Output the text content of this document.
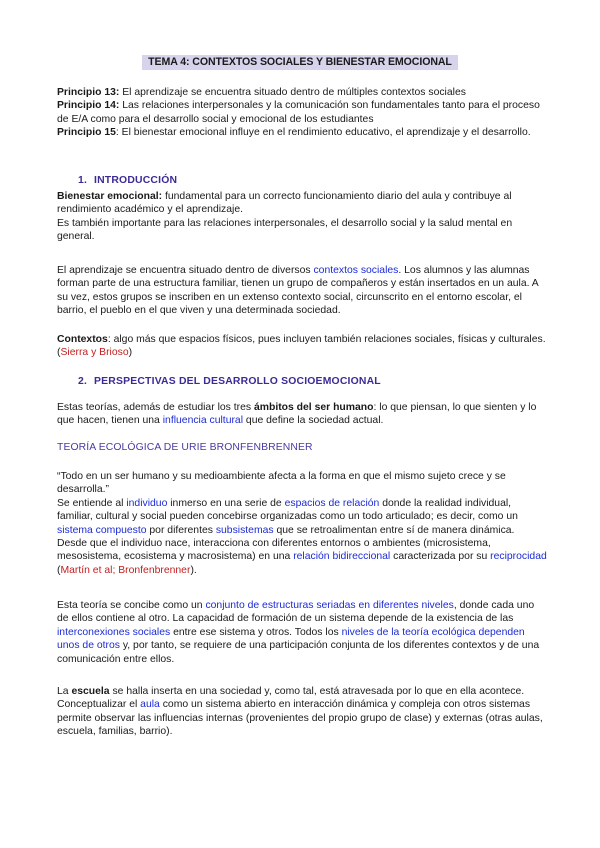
TEMA 4: CONTEXTOS SOCIALES Y BIENESTAR EMOCIONAL

Principio 13: El aprendizaje se encuentra situado dentro de múltiples contextos sociales
Principio 14: Las relaciones interpersonales y la comunicación son fundamentales tanto para el proceso de E/A como para el desarrollo social y emocional de los estudiantes
Principio 15: El bienestar emocional influye en el rendimiento educativo, el aprendizaje y el desarrollo.

1. INTRODUCCIÓN

Bienestar emocional: fundamental para un correcto funcionamiento diario del aula y contribuye al rendimiento académico y el aprendizaje.
Es también importante para las relaciones interpersonales, el desarrollo social y la salud mental en general.

El aprendizaje se encuentra situado dentro de diversos contextos sociales. Los alumnos y las alumnas forman parte de una estructura familiar, tienen un grupo de compañeros y están insertados en un aula. A su vez, estos grupos se inscriben en un extenso contexto social, circunscrito en el entorno escolar, el barrio, el pueblo en el que viven y una determinada sociedad.

Contextos: algo más que espacios físicos, pues incluyen también relaciones sociales, físicas y culturales. (Sierra y Brioso)

2. PERSPECTIVAS DEL DESARROLLO SOCIOEMOCIONAL

Estas teorías, además de estudiar los tres ámbitos del ser humano: lo que piensan, lo que sienten y lo que hacen, tienen una influencia cultural que define la sociedad actual.

TEORÍA ECOLÓGICA DE URIE BRONFENBRENNER

“Todo en un ser humano y su medioambiente afecta a la forma en que el mismo sujeto crece y se desarrolla.”
Se entiende al individuo inmerso en una serie de espacios de relación donde la realidad individual, familiar, cultural y social pueden concebirse organizadas como un todo articulado; es decir, como un sistema compuesto por diferentes subsistemas que se retroalimentan entre sí de manera dinámica. Desde que el individuo nace, interacciona con diferentes entornos o ambientes (microsistema, mesosistema, ecosistema y macrosistema) en una relación bidireccional caracterizada por su reciprocidad (Martín et al; Bronfenbrenner).

Esta teoría se concibe como un conjunto de estructuras seriadas en diferentes niveles, donde cada uno de ellos contiene al otro. La capacidad de formación de un sistema depende de la existencia de las interconexiones sociales entre ese sistema y otros. Todos los niveles de la teoría ecológica dependen unos de otros y, por tanto, se requiere de una participación conjunta de los diferentes contextos y de una comunicación entre ellos.

La escuela se halla inserta en una sociedad y, como tal, está atravesada por lo que en ella acontece. Conceptualizar el aula como un sistema abierto en interacción dinámica y compleja con otros sistemas permite observar las influencias internas (provenientes del propio grupo de clase) y externas (otras aulas, escuela, familias, barrio).
